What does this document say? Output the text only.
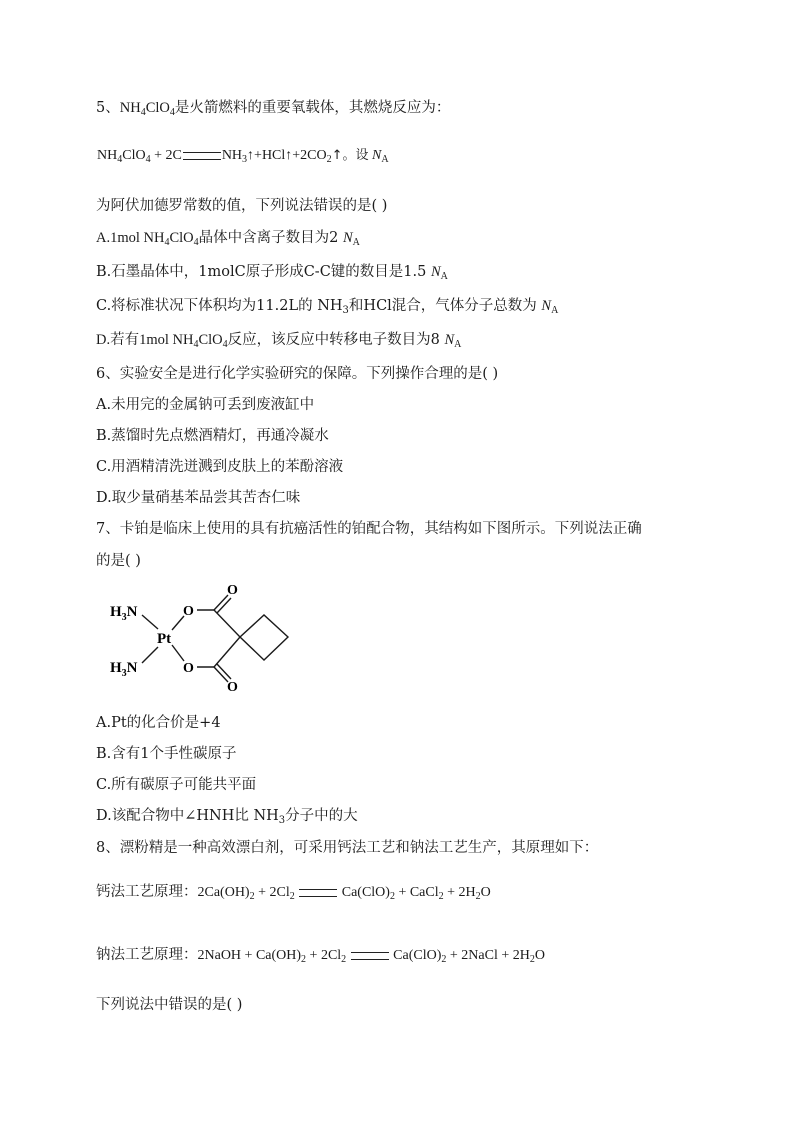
5、$NH_4ClO_4$是火箭燃料的重要氧载体，其燃烧反应为：
$NH_4ClO_4 + 2C$	$NH_3↑+HCl↑+2CO_2↑$。设 $N_A$
为阿伏加德罗常数的值，下列说法错误的是( )
A.1mol $NH_4ClO_4$晶体中含离子数目为2 $N_A$
B.石墨晶体中，1molC原子形成C-C键的数目是1.5 $N_A$
C.将标准状况下体积均为11.2L的 $NH_3$和HCl混合，气体分子总数为 $N_A$
D.若有1mol $NH_4ClO_4$反应，该反应中转移电子数目为8 $N_A$
6、实验安全是进行化学实验研究的保障。下列操作合理的是( )
A.未用完的金属钠可丢到废液缸中
B.蒸馏时先点燃酒精灯，再通冷凝水
C.用酒精清洗迸溅到皮肤上的苯酚溶液
D.取少量硝基苯品尝其苦杏仁味
7、卡铂是临床上使用的具有抗癌活性的铂配合物，其结构如下图所示。下列说法正确
的是( )
$H_3N$
$H_3N$
Pt
O
O
O
O
A.Pt的化合价是+4
B.含有1个手性碳原子
C.所有碳原子可能共平面
D.该配合物中∠HNH比 $NH_3$分子中的大
8、漂粉精是一种高效漂白剂，可采用钙法工艺和钠法工艺生产，其原理如下：
钙法工艺原理：$2Ca(OH)_2 + 2Cl_2$	$Ca(ClO)_2$ + CaCl$_2$ + $2H_2O$
钠法工艺原理：2NaOH + $Ca(OH)_2 + 2Cl_2$	$Ca(ClO)_2$ + 2NaCl + $2H_2O$
下列说法中错误的是( )
